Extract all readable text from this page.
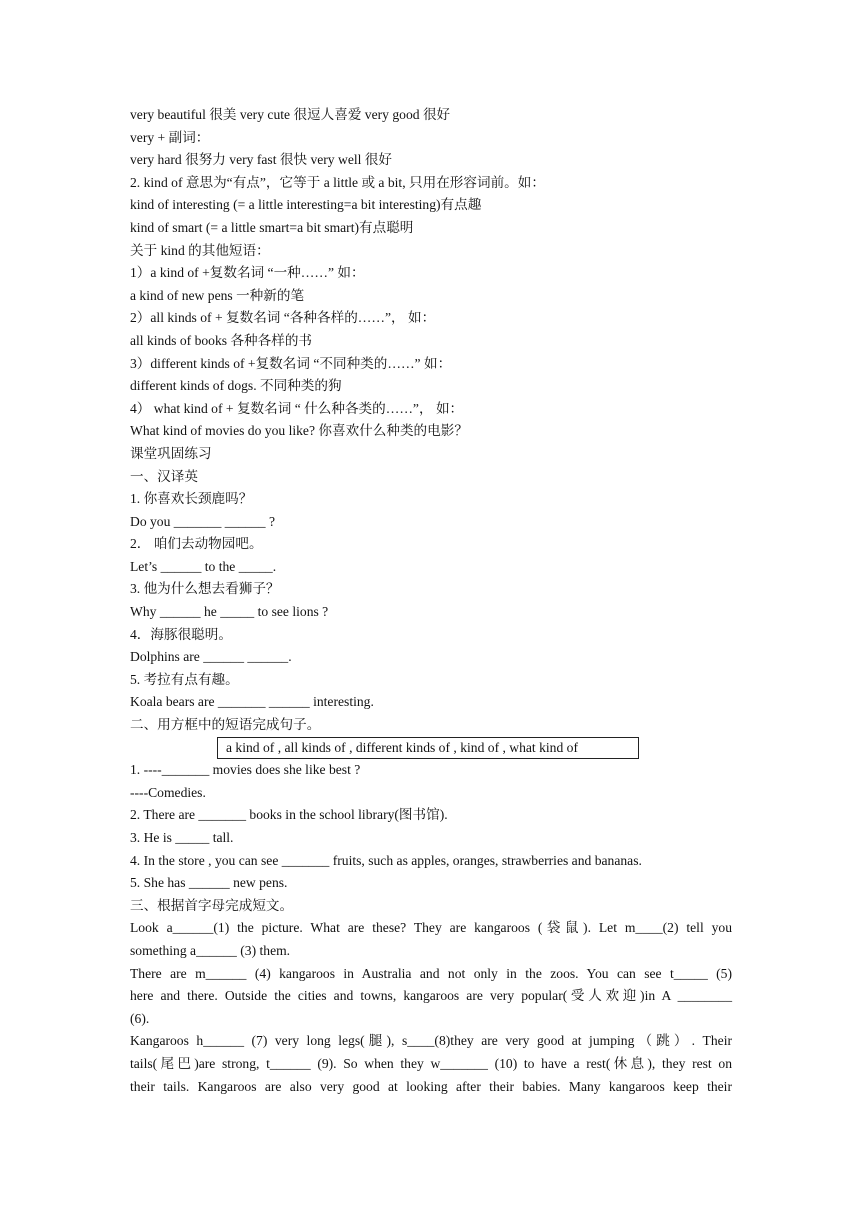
very beautiful 很美 very cute 很逗人喜爱 very good 很好
very + 副词：
very hard 很努力 very fast 很快 very well 很好
2. kind of 意思为“有点”，它等于 a little 或 a bit, 只用在形容词前。如：
kind of interesting (= a little interesting=a bit interesting)有点趣
kind of smart (= a little smart=a bit smart)有点聪明
关于 kind 的其他短语：
1）a kind of +复数名词 “一种……” 如：
a kind of new pens 一种新的笔
2）all kinds of + 复数名词 “各种各样的……”， 如：
all kinds of books 各种各样的书
3）different kinds of +复数名词 “不同种类的……” 如：
different kinds of dogs. 不同种类的狗
4） what kind of + 复数名词 “ 什么种各类的……”， 如：
What kind of movies do you like? 你喜欢什么种类的电影？
课堂巩固练习
一、汉译英
1. 你喜欢长颈鹿吗？
Do you _______ ______ ?
2． 咱们去动物园吧。
Let’s ______ to the _____.
3. 他为什么想去看狮子？
Why ______ he _____ to see lions ?
4．海豚很聪明。
Dolphins are ______ ______.
5. 考拉有点有趣。
Koala bears are _______ ______ interesting.
二、用方框中的短语完成句子。
a kind of , all kinds of , different kinds of , kind of , what kind of
1. ----_______ movies does she like best ?
----Comedies.
2. There are _______ books in the school library(图书馆).
3. He is _____ tall.
4. In the store , you can see _______ fruits, such as apples, oranges, strawberries and bananas.
5. She has ______ new pens.
三、根据首字母完成短文。
Look a______(1) the picture. What are these? They are kangaroos (袋鼠). Let m____(2) tell you
something a______ (3) them.
There are m______ (4) kangaroos in Australia and not only in the zoos. You can see t_____ (5)
here and there. Outside the cities and towns, kangaroos are very popular(受人欢迎)in A ________
(6).
Kangaroos h______ (7) very long legs(腿), s____(8)they are very good at jumping（跳）. Their
tails(尾巴)are strong, t______ (9). So when they w_______ (10) to have a rest(休息), they rest on
their tails. Kangaroos are also very good at looking after their babies. Many kangaroos keep their
